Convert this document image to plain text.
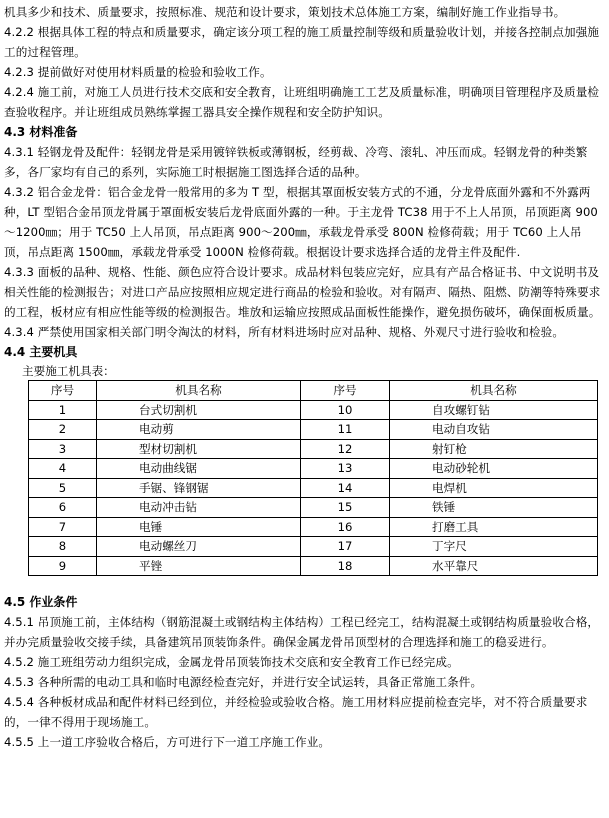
机具多少和技术、质量要求，按照标准、规范和设计要求，策划技术总体施工方案，编制好施工作业指导书。

4.2.2 根据具体工程的特点和质量要求，确定该分项工程的施工质量控制等级和质量验收计划，并接各控制点加强施工的过程管理。

4.2.3 提前做好对使用材料质量的检验和验收工作。

4.2.4 施工前，对施工人员进行技术交底和安全教育，让班组明确施工工艺及质量标准，明确项目管理程序及质量检查验收程序。并让班组成员熟练掌握工器具安全操作规程和安全防护知识。

4.3 材料准备

4.3.1 轻钢龙骨及配件：轻钢龙骨是采用镀锌铁板或薄钢板，经剪裁、冷弯、滚轧、冲压而成。轻钢龙骨的种类繁多，各厂家均有自己的系列，实际施工时根据施工图选择合适的品种。

4.3.2 铝合金龙骨：铝合金龙骨一般常用的多为 T 型，根据其罩面板安装方式的不通，分龙骨底面外露和不外露两种，LT 型铝合金吊顶龙骨属于罩面板安装后龙骨底面外露的一种。于主龙骨 TC38 用于不上人吊顶，吊顶距离 900～1200㎜；用于 TC50 上人吊顶，吊点距离 900～200㎜，承载龙骨承受 800N 检修荷载；用于 TC60 上人吊顶，吊点距离 1500㎜，承载龙骨承受 1000N 检修荷载。根据设计要求选择合适的龙骨主件及配件.

4.3.3 面板的品种、规格、性能、颜色应符合设计要求。成品材料包装应完好，应具有产品合格证书、中文说明书及相关性能的检测报告；对进口产品应按照相应规定进行商品的检验和验收。对有隔声、隔热、阻燃、防潮等特殊要求的工程，板材应有相应性能等级的检测报告。堆放和运输应按照成品面板性能操作，避免损伤破坏，确保面板质量。

4.3.4 严禁使用国家相关部门明令淘汰的材料，所有材料进场时应对品种、规格、外观尺寸进行验收和检验。

4.4 主要机具

主要施工机具表：

序号	机具名称	序号	机具名称
1	台式切割机	10	自攻螺钉钻
2	电动剪	11	电动自攻钻
3	型材切割机	12	射钉枪
4	电动曲线锯	13	电动砂轮机
5	手锯、锋钢锯	14	电焊机
6	电动冲击钻	15	铁锤
7	电锤	16	打磨工具
8	电动螺丝刀	17	丁字尺
9	平锉	18	水平靠尺

4.5 作业条件

4.5.1 吊顶施工前，主体结构（钢筋混凝土或钢结构主体结构）工程已经完工，结构混凝土或钢结构质量验收合格，并办完质量验收交接手续，具备建筑吊顶装饰条件。确保金属龙骨吊顶型材的合理选择和施工的稳妥进行。

4.5.2 施工班组劳动力组织完成，金属龙骨吊顶装饰技术交底和安全教育工作已经完成。

4.5.3 各种所需的电动工具和临时电源经检查完好，并进行安全试运转，具备正常施工条件。

4.5.4 各种板材成品和配件材料已经到位，并经检验或验收合格。施工用材料应提前检查完毕，对不符合质量要求的，一律不得用于现场施工。

4.5.5 上一道工序验收合格后，方可进行下一道工序施工作业。
